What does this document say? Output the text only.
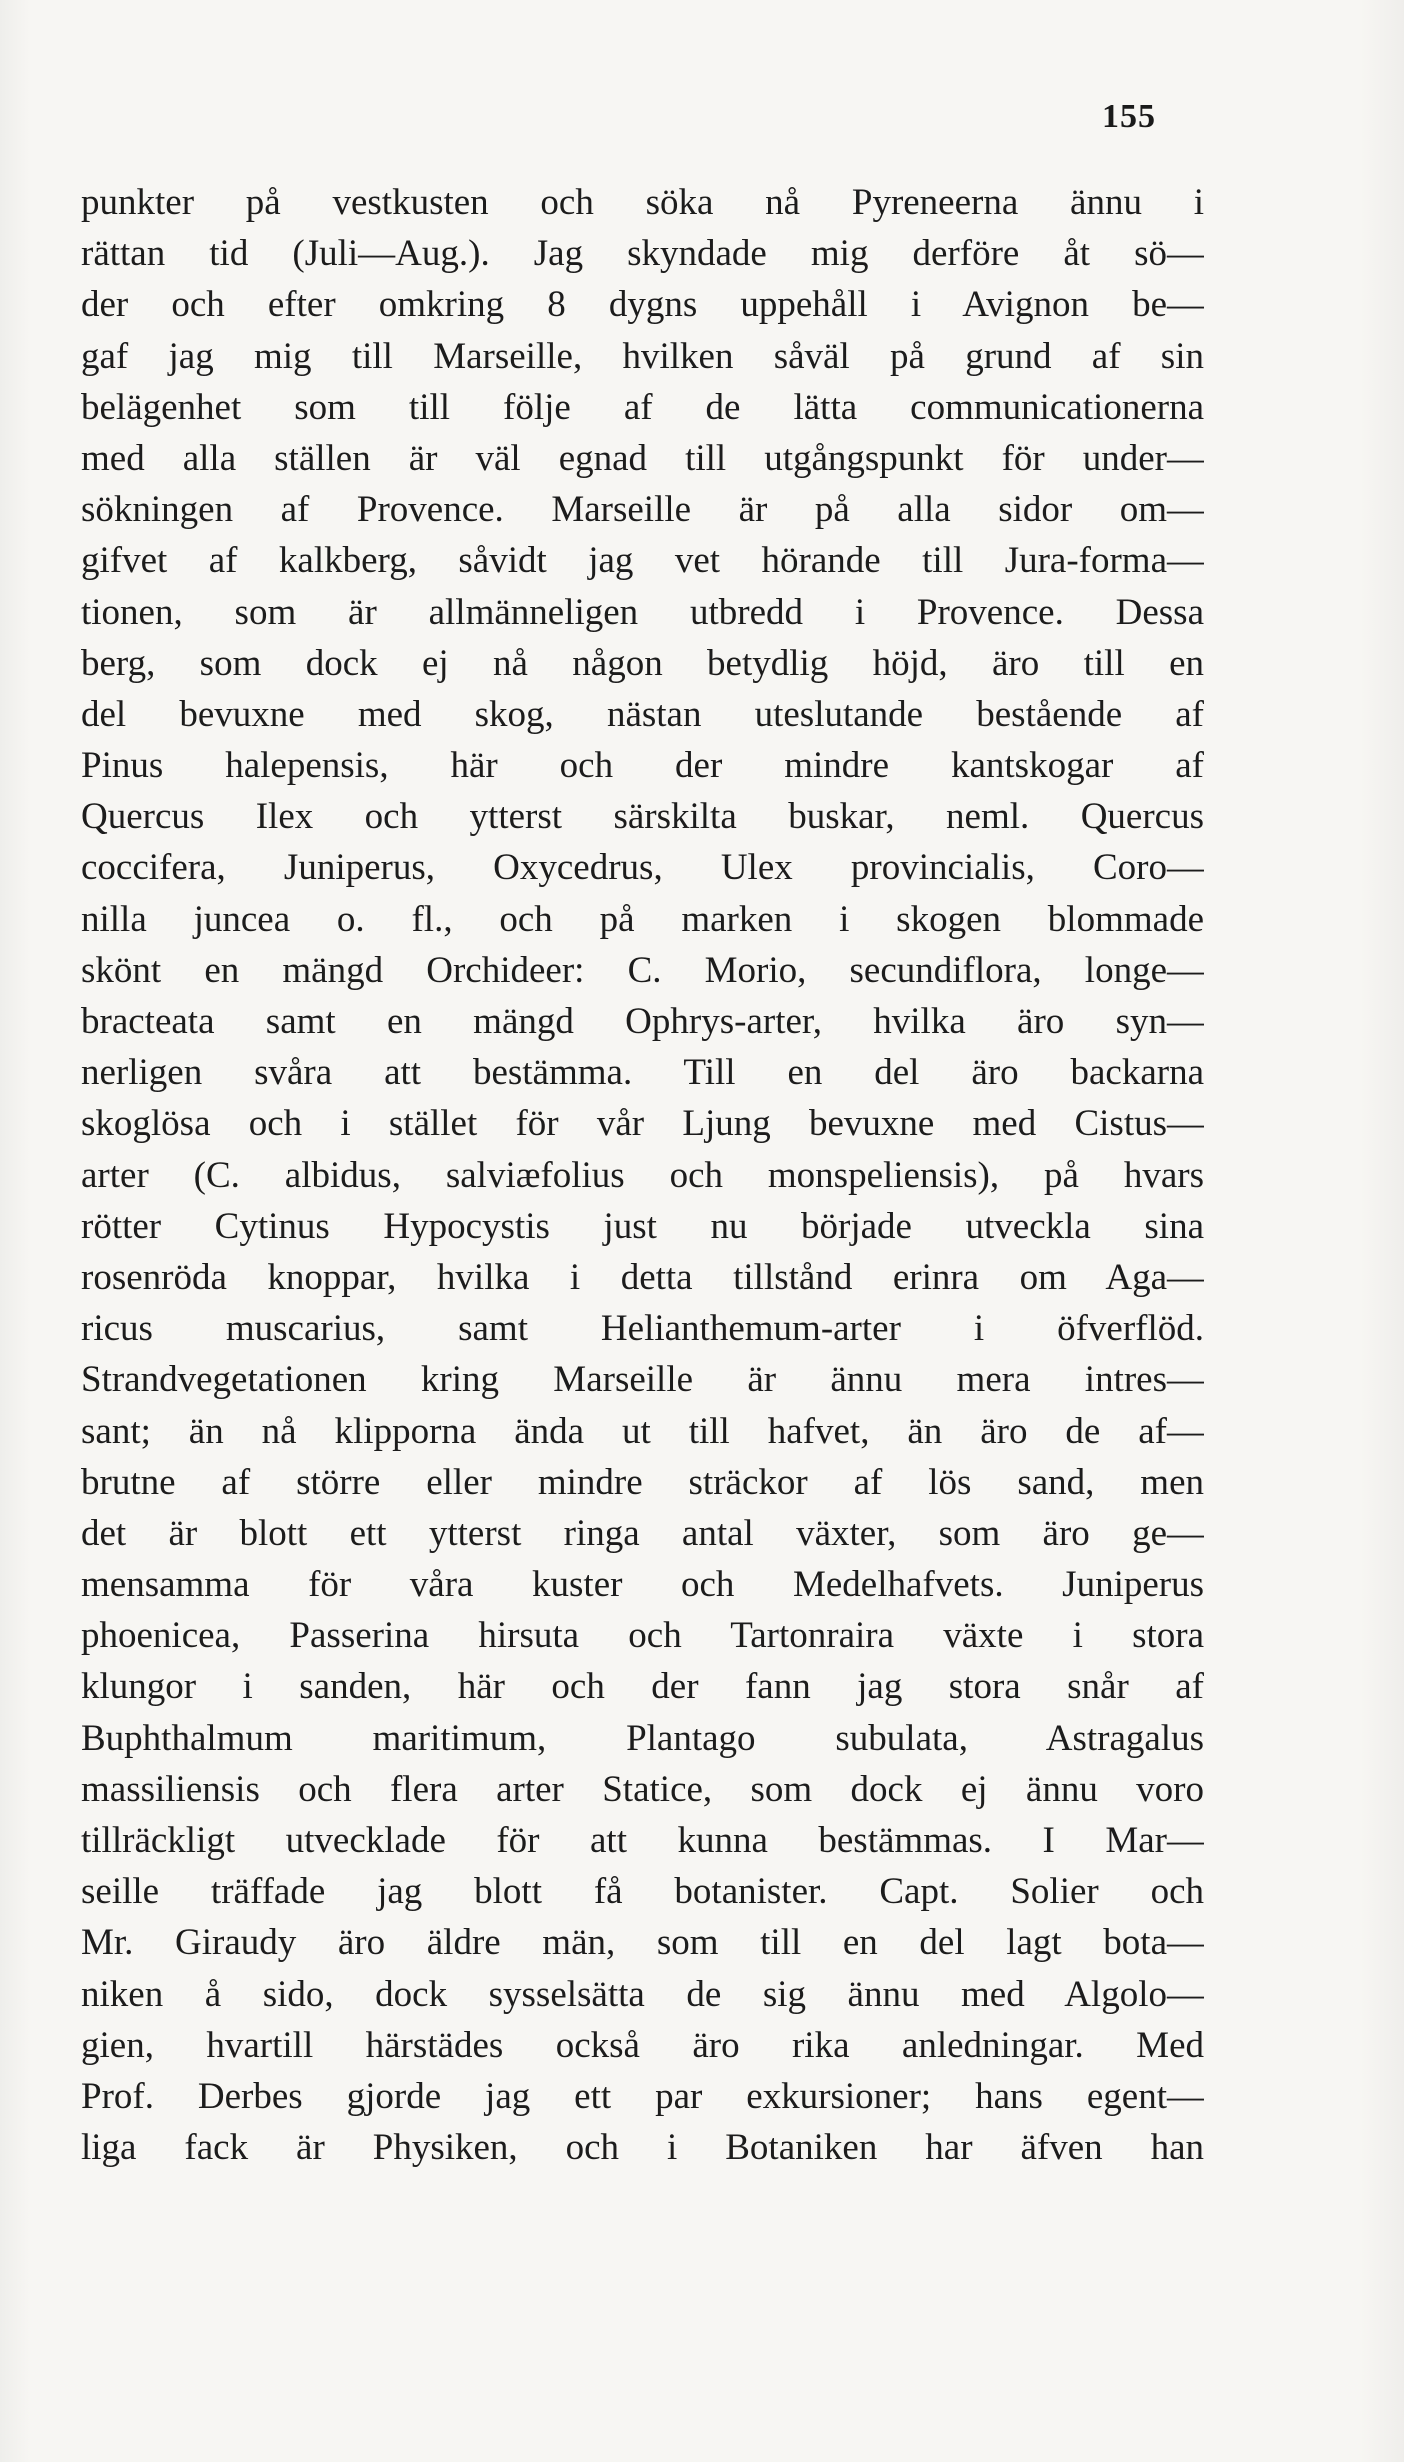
155
punkter på vestkusten och söka nå Pyreneerna ännu i
rättan tid (Juli—Aug.). Jag skyndade mig derföre åt sö—
der och efter omkring 8 dygns uppehåll i Avignon be—
gaf jag mig till Marseille, hvilken såväl på grund af sin
belägenhet som till följe af de lätta communicationerna
med alla ställen är väl egnad till utgångspunkt för under—
sökningen af Provence. Marseille är på alla sidor om—
gifvet af kalkberg, såvidt jag vet hörande till Jura-forma—
tionen, som är allmänneligen utbredd i Provence. Dessa
berg, som dock ej nå någon betydlig höjd, äro till en
del bevuxne med skog, nästan uteslutande bestående af
Pinus halepensis, här och der mindre kantskogar af
Quercus Ilex och ytterst särskilta buskar, neml. Quercus
coccifera, Juniperus, Oxycedrus, Ulex provincialis, Coro—
nilla juncea o. fl., och på marken i skogen blommade
skönt en mängd Orchideer: C. Morio, secundiflora, longe—
bracteata samt en mängd Ophrys-arter, hvilka äro syn—
nerligen svåra att bestämma. Till en del äro backarna
skoglösa och i stället för vår Ljung bevuxne med Cistus—
arter (C. albidus, salviæfolius och monspeliensis), på hvars
rötter Cytinus Hypocystis just nu började utveckla sina
rosenröda knoppar, hvilka i detta tillstånd erinra om Aga—
ricus muscarius, samt Helianthemum-arter i öfverflöd.
Strandvegetationen kring Marseille är ännu mera intres—
sant; än nå klipporna ända ut till hafvet, än äro de af—
brutne af större eller mindre sträckor af lös sand, men
det är blott ett ytterst ringa antal växter, som äro ge—
mensamma för våra kuster och Medelhafvets. Juniperus
phoenicea, Passerina hirsuta och Tartonraira växte i stora
klungor i sanden, här och der fann jag stora snår af
Buphthalmum maritimum, Plantago subulata, Astragalus
massiliensis och flera arter Statice, som dock ej ännu voro
tillräckligt utvecklade för att kunna bestämmas. I Mar—
seille träffade jag blott få botanister. Capt. Solier och
Mr. Giraudy äro äldre män, som till en del lagt bota—
niken å sido, dock sysselsätta de sig ännu med Algolo—
gien, hvartill härstädes också äro rika anledningar. Med
Prof. Derbes gjorde jag ett par exkursioner; hans egent—
liga fack är Physiken, och i Botaniken har äfven han
